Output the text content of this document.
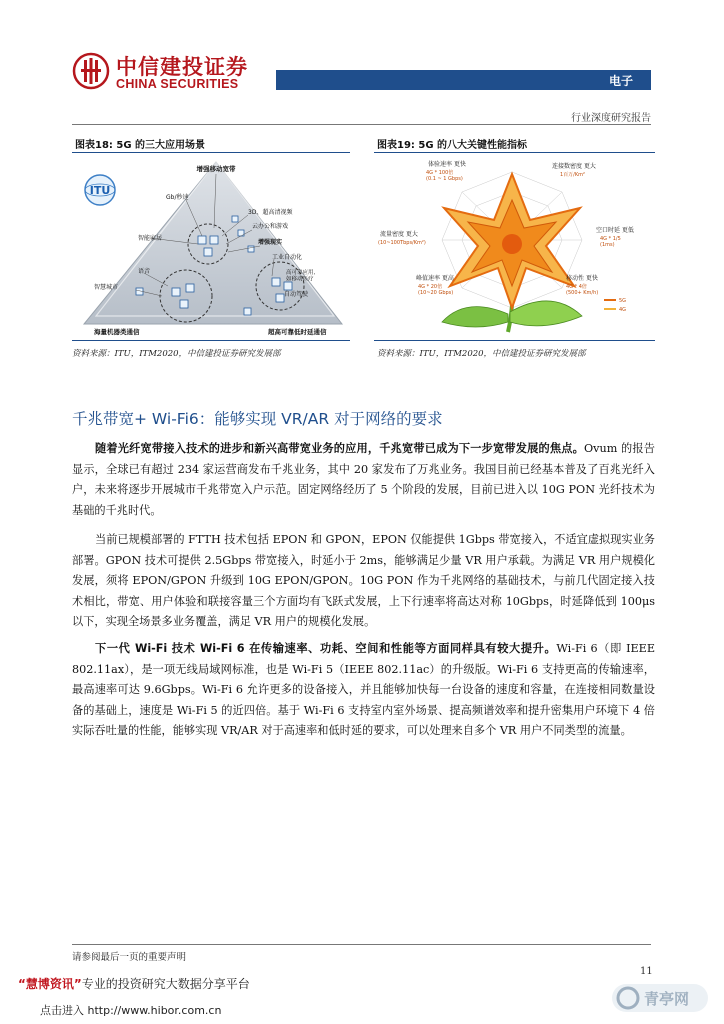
中信建投证券
CHINA SECURITIES	电子
行业深度研究报告
图表18: 5G 的三大应用场景
ITU
增强移动宽带
Gb/秒速
3D、超高清视频
云办公和游戏
智能家居
增强现实
工业自动化
语音	高可靠应用,如移动医疗
智慧城市
自动驾驶
海量机器类通信	超高可靠低时延通信
资料来源：ITU，ITM2020，中信建投证券研究发展部
图表19: 5G 的八大关键性能指标
体验速率 更快
4G * 100倍(0.1 ~ 1 Gbps)
连接数密度 更大
1百万/Km²
空口时延 更低
4G * 1/5 (1ms)
流量密度 更大
(10~100Tbps/Km²)
峰值速率 更高
4G * 20倍(10~20 Gbps)
移动性 更快
4G * 4倍(500+ Km/h)
5G
4G
资料来源：ITU，ITM2020，中信建投证券研究发展部
千兆带宽+ Wi-Fi6：能够实现 VR/AR 对于网络的要求
随着光纤宽带接入技术的进步和新兴高带宽业务的应用，千兆宽带已成为下一步宽带发展的焦点。Ovum 的报告显示，全球已有超过 234 家运营商发布千兆业务，其中 20 家发布了万兆业务。我国目前已经基本普及了百兆光纤入户，未来将逐步开展城市千兆带宽入户示范。固定网络经历了 5 个阶段的发展，目前已进入以 10G PON 光纤技术为基础的千兆时代。
当前已规模部署的 FTTH 技术包括 EPON 和 GPON，EPON 仅能提供 1Gbps 带宽接入，不适宜虚拟现实业务部署。GPON 技术可提供 2.5Gbps 带宽接入，时延小于 2ms，能够满足少量 VR 用户承载。为满足 VR 用户规模化发展，须将 EPON/GPON 升级到 10G EPON/GPON。10G PON 作为千兆网络的基础技术，与前几代固定接入技术相比，带宽、用户体验和联接容量三个方面均有飞跃式发展，上下行速率将高达对称 10Gbps，时延降低到 100μs 以下，实现全场景多业务覆盖，满足 VR 用户的规模化发展。
下一代 Wi-Fi 技术 Wi-Fi 6 在传输速率、功耗、空间和性能等方面同样具有较大提升。Wi-Fi 6（即 IEEE 802.11ax），是一项无线局域网标准，也是 Wi-Fi 5（IEEE 802.11ac）的升级版。Wi-Fi 6 支持更高的传输速率，最高速率可达 9.6Gbps。Wi-Fi 6 允许更多的设备接入，并且能够加快每一台设备的速度和容量，在连接相同数量设备的基础上，速度是 Wi-Fi 5 的近四倍。基于 Wi-Fi 6 支持室内室外场景、提高频谱效率和提升密集用户环境下 4 倍实际吞吐量的性能，能够实现 VR/AR 对于高速率和低时延的要求，可以处理来自多个 VR 用户不同类型的流量。
请参阅最后一页的重要声明
11
“慧博资讯”专业的投资研究大数据分享平台
点击进入 http://www.hibor.com.cn
青亭网
